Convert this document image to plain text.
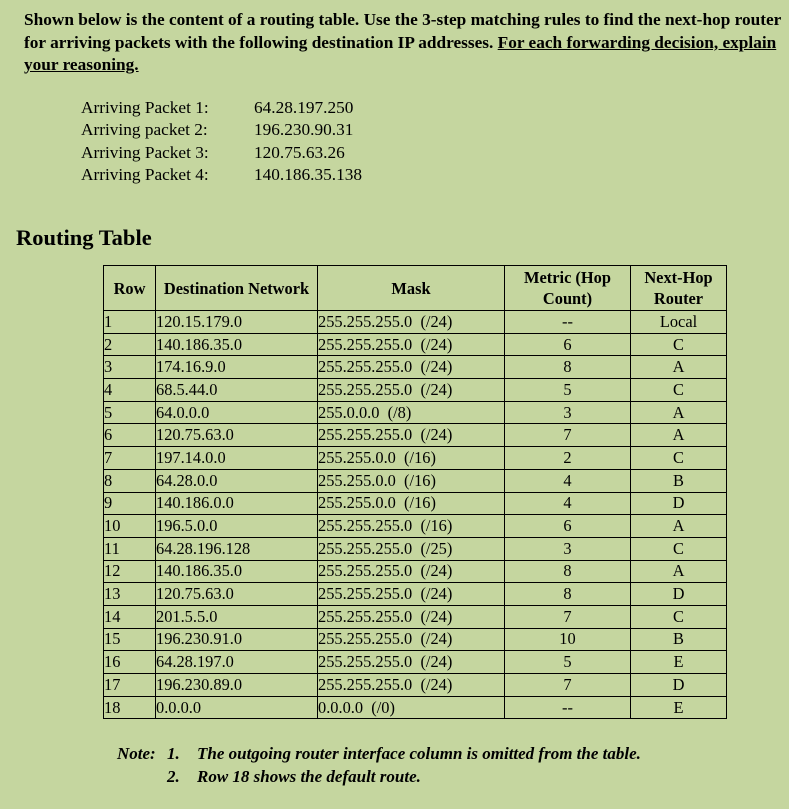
Shown below is the content of a routing table. Use the 3-step matching rules to find the next-hop router for arriving packets with the following destination IP addresses. For each forwarding decision, explain your reasoning.
Arriving Packet 1:	64.28.197.250
Arriving packet 2:	196.230.90.31
Arriving Packet 3:	120.75.63.26
Arriving Packet 4:	140.186.35.138
Routing Table
Row	Destination Network	Mask	Metric (Hop Count)	Next-Hop Router
1	120.15.179.0	255.255.255.0  (/24)	--	Local
2	140.186.35.0	255.255.255.0  (/24)	6	C
3	174.16.9.0	255.255.255.0  (/24)	8	A
4	68.5.44.0	255.255.255.0  (/24)	5	C
5	64.0.0.0	255.0.0.0  (/8)	3	A
6	120.75.63.0	255.255.255.0  (/24)	7	A
7	197.14.0.0	255.255.0.0  (/16)	2	C
8	64.28.0.0	255.255.0.0  (/16)	4	B
9	140.186.0.0	255.255.0.0  (/16)	4	D
10	196.5.0.0	255.255.255.0  (/16)	6	A
11	64.28.196.128	255.255.255.0  (/25)	3	C
12	140.186.35.0	255.255.255.0  (/24)	8	A
13	120.75.63.0	255.255.255.0  (/24)	8	D
14	201.5.5.0	255.255.255.0  (/24)	7	C
15	196.230.91.0	255.255.255.0  (/24)	10	B
16	64.28.197.0	255.255.255.0  (/24)	5	E
17	196.230.89.0	255.255.255.0  (/24)	7	D
18	0.0.0.0	0.0.0.0  (/0)	--	E
Note: 1.	The outgoing router interface column is omitted from the table.
2.	Row 18 shows the default route.
